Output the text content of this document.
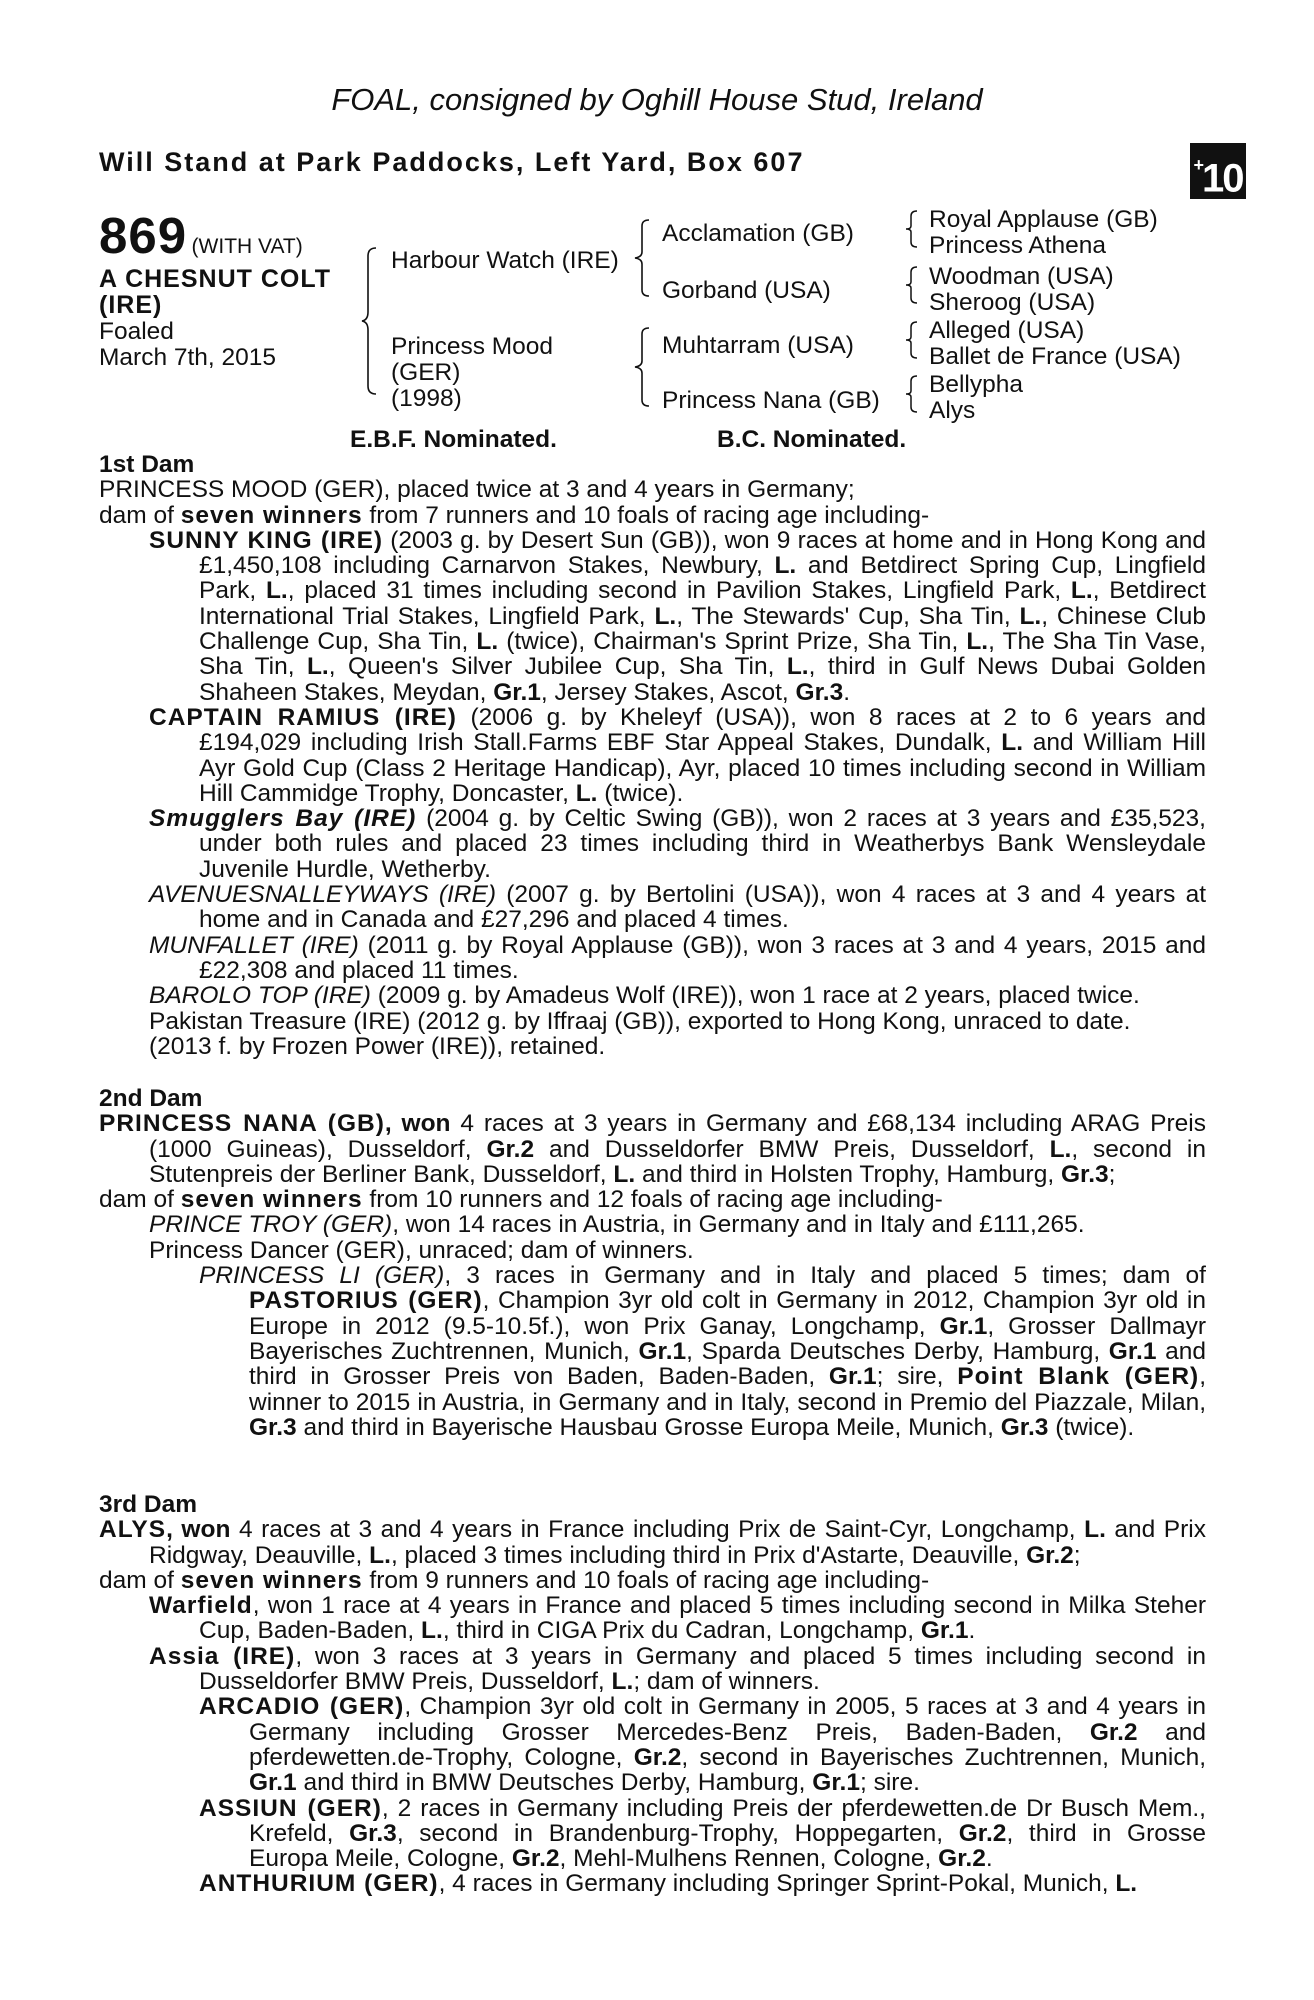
FOAL, consigned by Oghill House Stud, Ireland
Will Stand at Park Paddocks, Left Yard, Box 607	+10
869 (WITH VAT)
A CHESNUT COLT
(IRE)
Foaled
March 7th, 2015
Harbour Watch (IRE)
Princess Mood
(GER)
(1998)
Acclamation (GB)
Gorband (USA)
Muhtarram (USA)
Princess Nana (GB)
Royal Applause (GB)
Princess Athena
Woodman (USA)
Sheroog (USA)
Alleged (USA)
Ballet de France (USA)
Bellypha
Alys
E.B.F. Nominated.	B.C. Nominated.

1st Dam

PRINCESS MOOD (GER), placed twice at 3 and 4 years in Germany;

dam of seven winners from 7 runners and 10 foals of racing age including-

SUNNY KING (IRE) (2003 g. by Desert Sun (GB)), won 9 races at home and in Hong Kong and £1,450,108 including Carnarvon Stakes, Newbury, L. and Betdirect Spring Cup, Lingfield Park, L., placed 31 times including second in Pavilion Stakes, Lingfield Park, L., Betdirect International Trial Stakes, Lingfield Park, L., The Stewards' Cup, Sha Tin, L., Chinese Club Challenge Cup, Sha Tin, L. (twice), Chairman's Sprint Prize, Sha Tin, L., The Sha Tin Vase, Sha Tin, L., Queen's Silver Jubilee Cup, Sha Tin, L., third in Gulf News Dubai Golden Shaheen Stakes, Meydan, Gr.1, Jersey Stakes, Ascot, Gr.3.

CAPTAIN RAMIUS (IRE) (2006 g. by Kheleyf (USA)), won 8 races at 2 to 6 years and £194,029 including Irish Stall.Farms EBF Star Appeal Stakes, Dundalk, L. and William Hill Ayr Gold Cup (Class 2 Heritage Handicap), Ayr, placed 10 times including second in William Hill Cammidge Trophy, Doncaster, L. (twice).

Smugglers Bay (IRE) (2004 g. by Celtic Swing (GB)), won 2 races at 3 years and £35,523, under both rules and placed 23 times including third in Weatherbys Bank Wensleydale Juvenile Hurdle, Wetherby.

AVENUESNALLEYWAYS (IRE) (2007 g. by Bertolini (USA)), won 4 races at 3 and 4 years at home and in Canada and £27,296 and placed 4 times.

MUNFALLET (IRE) (2011 g. by Royal Applause (GB)), won 3 races at 3 and 4 years, 2015 and £22,308 and placed 11 times.

BAROLO TOP (IRE) (2009 g. by Amadeus Wolf (IRE)), won 1 race at 2 years, placed twice.

Pakistan Treasure (IRE) (2012 g. by Iffraaj (GB)), exported to Hong Kong, unraced to date.

(2013 f. by Frozen Power (IRE)), retained.

2nd Dam

PRINCESS NANA (GB), won 4 races at 3 years in Germany and £68,134 including ARAG Preis (1000 Guineas), Dusseldorf, Gr.2 and Dusseldorfer BMW Preis, Dusseldorf, L., second in Stutenpreis der Berliner Bank, Dusseldorf, L. and third in Holsten Trophy, Hamburg, Gr.3;

dam of seven winners from 10 runners and 12 foals of racing age including-

PRINCE TROY (GER), won 14 races in Austria, in Germany and in Italy and £111,265.

Princess Dancer (GER), unraced; dam of winners.

PRINCESS LI (GER), 3 races in Germany and in Italy and placed 5 times; dam of PASTORIUS (GER), Champion 3yr old colt in Germany in 2012, Champion 3yr old in Europe in 2012 (9.5-10.5f.), won Prix Ganay, Longchamp, Gr.1, Grosser Dallmayr Bayerisches Zuchtrennen, Munich, Gr.1, Sparda Deutsches Derby, Hamburg, Gr.1 and third in Grosser Preis von Baden, Baden-Baden, Gr.1; sire, Point Blank (GER), winner to 2015 in Austria, in Germany and in Italy, second in Premio del Piazzale, Milan, Gr.3 and third in Bayerische Hausbau Grosse Europa Meile, Munich, Gr.3 (twice).

3rd Dam

ALYS, won 4 races at 3 and 4 years in France including Prix de Saint-Cyr, Longchamp, L. and Prix Ridgway, Deauville, L., placed 3 times including third in Prix d'Astarte, Deauville, Gr.2;

dam of seven winners from 9 runners and 10 foals of racing age including-

Warfield, won 1 race at 4 years in France and placed 5 times including second in Milka Steher Cup, Baden-Baden, L., third in CIGA Prix du Cadran, Longchamp, Gr.1.

Assia (IRE), won 3 races at 3 years in Germany and placed 5 times including second in Dusseldorfer BMW Preis, Dusseldorf, L.; dam of winners.

ARCADIO (GER), Champion 3yr old colt in Germany in 2005, 5 races at 3 and 4 years in Germany including Grosser Mercedes-Benz Preis, Baden-Baden, Gr.2 and pferdewetten.de-Trophy, Cologne, Gr.2, second in Bayerisches Zuchtrennen, Munich, Gr.1 and third in BMW Deutsches Derby, Hamburg, Gr.1; sire.

ASSIUN (GER), 2 races in Germany including Preis der pferdewetten.de Dr Busch Mem., Krefeld, Gr.3, second in Brandenburg-Trophy, Hoppegarten, Gr.2, third in Grosse Europa Meile, Cologne, Gr.2, Mehl-Mulhens Rennen, Cologne, Gr.2.

ANTHURIUM (GER), 4 races in Germany including Springer Sprint-Pokal, Munich, L.
